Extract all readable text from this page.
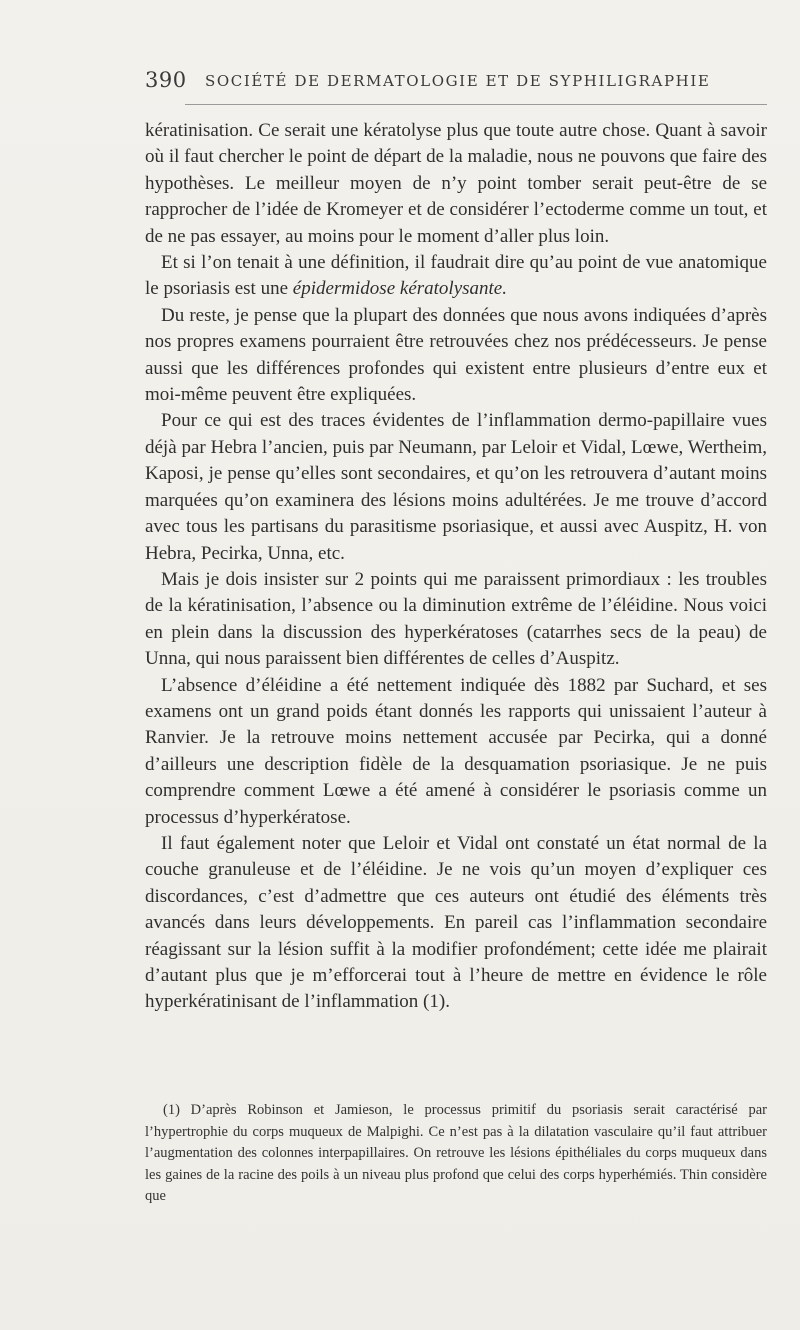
390 SOCIÉTÉ DE DERMATOLOGIE ET DE SYPHILIGRAPHIE

kératinisation. Ce serait une kératolyse plus que toute autre chose. Quant à savoir où il faut chercher le point de départ de la maladie, nous ne pouvons que faire des hypothèses. Le meilleur moyen de n’y point tomber serait peut-être de se rapprocher de l’idée de Kromeyer et de considérer l’ectoderme comme un tout, et de ne pas essayer, au moins pour le moment d’aller plus loin.

Et si l’on tenait à une définition, il faudrait dire qu’au point de vue anatomique le psoriasis est une épidermidose kératolysante.

Du reste, je pense que la plupart des données que nous avons indiquées d’après nos propres examens pourraient être retrouvées chez nos prédécesseurs. Je pense aussi que les différences profondes qui existent entre plusieurs d’entre eux et moi-même peuvent être expliquées.

Pour ce qui est des traces évidentes de l’inflammation dermo-papillaire vues déjà par Hebra l’ancien, puis par Neumann, par Leloir et Vidal, Lœwe, Wertheim, Kaposi, je pense qu’elles sont secondaires, et qu’on les retrouvera d’autant moins marquées qu’on examinera des lésions moins adultérées. Je me trouve d’accord avec tous les partisans du parasitisme psoriasique, et aussi avec Auspitz, H. von Hebra, Pecirka, Unna, etc.

Mais je dois insister sur 2 points qui me paraissent primordiaux : les troubles de la kératinisation, l’absence ou la diminution extrême de l’éléidine. Nous voici en plein dans la discussion des hyperkératoses (catarrhes secs de la peau) de Unna, qui nous paraissent bien différentes de celles d’Auspitz.

L’absence d’éléidine a été nettement indiquée dès 1882 par Suchard, et ses examens ont un grand poids étant donnés les rapports qui unissaient l’auteur à Ranvier. Je la retrouve moins nettement accusée par Pecirka, qui a donné d’ailleurs une description fidèle de la desquamation psoriasique. Je ne puis comprendre comment Lœwe a été amené à considérer le psoriasis comme un processus d’hyperkératose.

Il faut également noter que Leloir et Vidal ont constaté un état normal de la couche granuleuse et de l’éléidine. Je ne vois qu’un moyen d’expliquer ces discordances, c’est d’admettre que ces auteurs ont étudié des éléments très avancés dans leurs développements. En pareil cas l’inflammation secondaire réagissant sur la lésion suffit à la modifier profondément; cette idée me plairait d’autant plus que je m’efforcerai tout à l’heure de mettre en évidence le rôle hyperkératinisant de l’inflammation (1).

(1) D’après Robinson et Jamieson, le processus primitif du psoriasis serait caractérisé par l’hypertrophie du corps muqueux de Malpighi. Ce n’est pas à la dilatation vasculaire qu’il faut attribuer l’augmentation des colonnes interpapillaires. On retrouve les lésions épithéliales du corps muqueux dans les gaines de la racine des poils à un niveau plus profond que celui des corps hyperhémiés. Thin considère que
